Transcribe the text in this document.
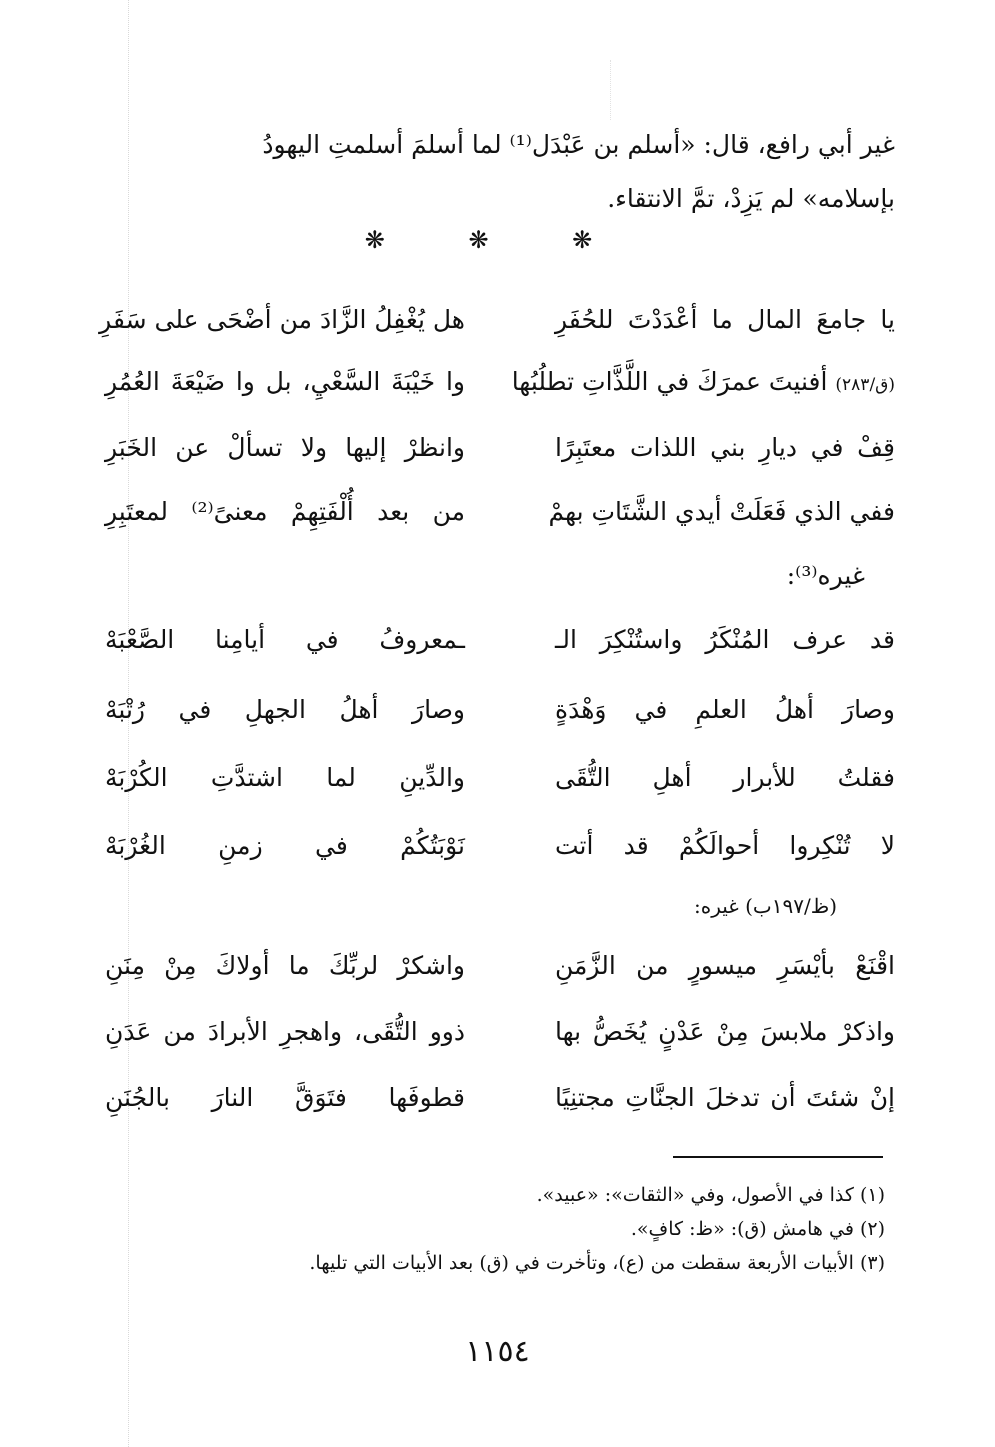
غير أبي رافع، قال: «أسلم بن عَبْدَل⁽¹⁾ لما أسلمَ أسلمتِ اليهودُ
بإسلامه» لم يَزِدْ، تمَّ الانتقاء.
❋ ❋ ❋
يا جامعَ المال ما أعْدَدْتَ للحُفَرِ
هل يُغْفِلُ الزَّادَ من أضْحَى على سَفَرِ
(ق/٢٨٣) أفنيتَ عمرَكَ في اللَّذَّاتِ تطلُبُها
وا خَيْبَةَ السَّعْيِ، بل وا ضَيْعَةَ العُمُرِ
قِفْ في ديارِ بني اللذات معتَبِرًا
وانظرْ إليها ولا تسألْ عن الخَبَرِ
ففي الذي فَعَلَتْ أيدي الشَّتَاتِ بهمْ
من بعد أُلْفَتِهِمْ معنىً⁽²⁾ لمعتَبِرِ
غيره⁽³⁾:
قد عرف المُنْكَرُ واستُنْكِرَ الـ
ـمعروفُ في أيامِنا الصَّعْبَهْ
وصارَ أهلُ العلمِ في وَهْدَةٍ
وصارَ أهلُ الجهلِ في رُتْبَهْ
فقلتُ للأبرار أهلِ التُّقَى
والدِّينِ لما اشتدَّتِ الكُرْبَهْ
لا تُنْكِروا أحوالَكُمْ قد أتت
نَوْبَتُكُمْ في زمنِ الغُرْبَهْ
(ظ/١٩٧ب) غيره:
اقْنَعْ بأيْسَرِ ميسورٍ من الزَّمَنِ
واشكرْ لربِّكَ ما أولاكَ مِنْ مِنَنِ
واذكرْ ملابسَ مِنْ عَدْنٍ يُخَصُّ بها
ذوو التُّقَى، واهجرِ الأبرادَ من عَدَنِ
إنْ شئتَ أن تدخلَ الجنَّاتِ مجتنِيًا
قطوفَها فتَوَقَّ النارَ بالجُنَنِ
(١) كذا في الأصول، وفي «الثقات»: «عبيد».
(٢) في هامش (ق): «ظ: كافٍ».
(٣) الأبيات الأربعة سقطت من (ع)، وتأخرت في (ق) بعد الأبيات التي تليها.
١١٥٤
